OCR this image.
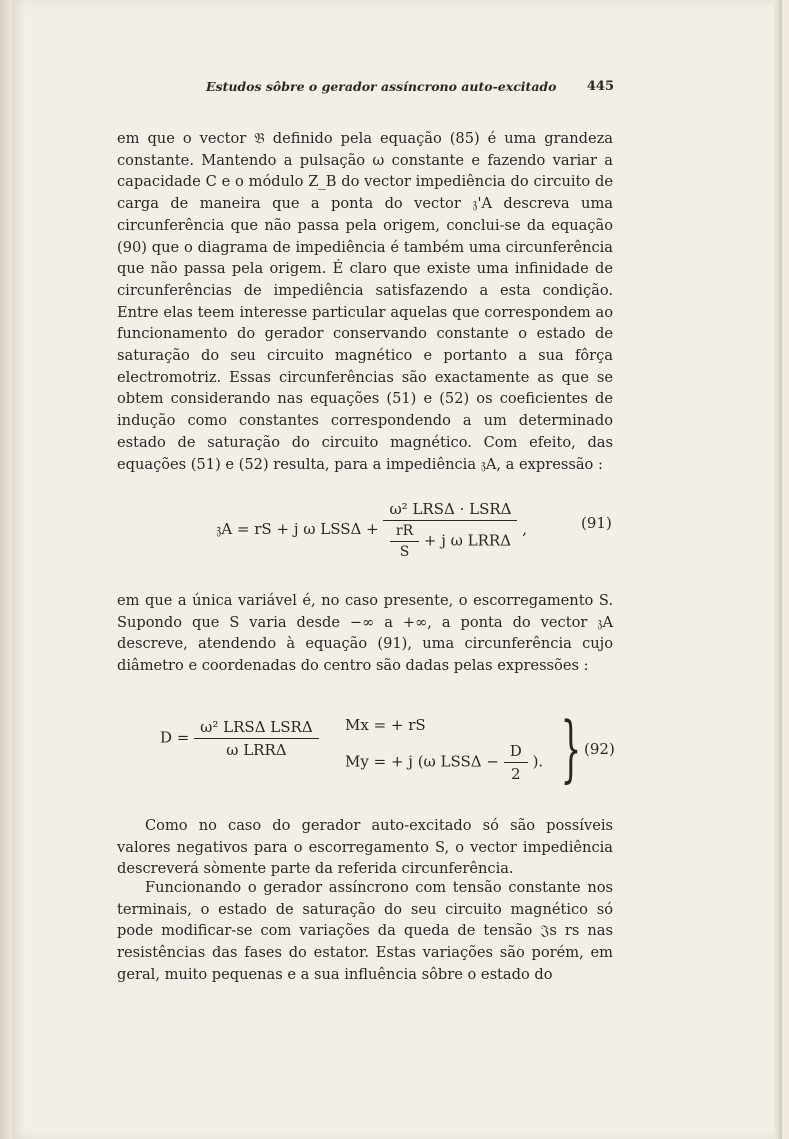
Estudos sôbre o gerador assíncrono auto-excitado 445
em que o vector 𝔅 definido pela equação (85) é uma grandeza constante. Mantendo a pulsação ω constante e fazendo variar a capacidade C e o módulo Z_B do vector impediência do circuito de carga de maneira que a ponta do vector 𝔷'A descreva uma circunferência que não passa pela origem, conclui-se da equação (90) que o diagrama de impediência é também uma circunferência que não passa pela origem. É claro que existe uma infinidade de circunferências de impediência satisfazendo a esta condição. Entre elas teem interesse particular aquelas que correspondem ao funcionamento do gerador conservando constante o estado de saturação do seu circuito magnético e portanto a sua fôrça electromotriz. Essas circunferências são exactamente as que se obtem considerando nas equações (51) e (52) os coeficientes de indução como constantes correspondendo a um determinado estado de saturação do circuito magnético. Com efeito, das equações (51) e (52) resulta, para a impediência 𝔷A, a expressão :
𝔷A = rS + j ω $LSS\Delta + \frac{\text{ω² LRSΔ · LSRΔ}}{\frac{rR}{S} + j \omega LRR\Delta}$ ,	(91)
em que a única variável é, no caso presente, o escorregamento S. Supondo que S varia desde −∞ a +∞, a ponta do vector 𝔷A descreve, atendendo à equação (91), uma circunferência cujo diâmetro e coordenadas do centro são dadas pelas expressões :
$D = \frac{\text{ω² LRSΔ LSRΔ}}{\text{ω LRRΔ}}$ Mx = + rS
My = + j (ω $LSS\Delta - \frac{D}{2}$ ). } (92)
Como no caso do gerador auto-excitado só são possíveis valores negativos para o escorregamento S, o vector impediência descreverá sòmente parte da referida circunferência.
Funcionando o gerador assíncrono com tensão constante nos terminais, o estado de saturação do seu circuito magnético só pode modificar-se com variações da queda de tensão 𝔍s rs nas resistências das fases do estator. Estas variações são porém, em geral, muito pequenas e a sua influência sôbre o estado do
